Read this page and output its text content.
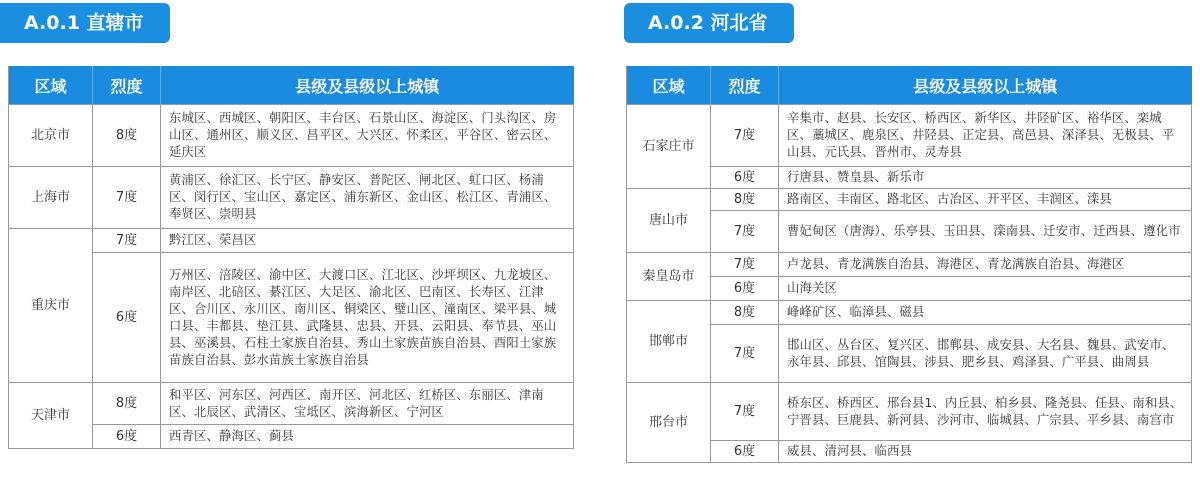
A.0.1 直辖市	A.0.2 河北省
区域	烈度	县级及县级以上城镇
北京市	8度	东城区、西城区、朝阳区、丰台区、石景山区、海淀区、门头沟区、房山区、通州区、顺义区、昌平区、大兴区、怀柔区、平谷区、密云区、延庆区
上海市	7度	黄浦区、徐汇区、长宁区、静安区、普陀区、闸北区、虹口区、杨浦区、闵行区、宝山区、嘉定区、浦东新区、金山区、松江区、青浦区、奉贤区、崇明县
重庆市	7度	黔江区、荣昌区
	6度	万州区、涪陵区、渝中区、大渡口区、江北区、沙坪坝区、九龙坡区、南岸区、北碚区、綦江区、大足区、渝北区、巴南区、长寿区、江津区、合川区、永川区、南川区、铜梁区、璧山区、潼南区、梁平县、城口县、丰都县、垫江县、武隆县、忠县、开县、云阳县、奉节县、巫山县、巫溪县、石柱土家族自治县、秀山土家族苗族自治县、酉阳土家族苗族自治县、彭水苗族土家族自治县
天津市	8度	和平区、河东区、河西区、南开区、河北区、红桥区、东丽区、津南区、北辰区、武清区、宝坻区、滨海新区、宁河区
	6度	西青区、静海区、蓟县
区域	烈度	县级及县级以上城镇
石家庄市	7度	辛集市、赵县、长安区、桥西区、新华区、井陉矿区、裕华区、栾城区、藁城区、鹿泉区、井陉县、正定县、高邑县、深泽县、无极县、平山县、元氏县、晋州市、灵寿县
	6度	行唐县、赞皇县、新乐市
唐山市	8度	路南区、丰南区、路北区、古冶区、开平区、丰润区、滦县
	7度	曹妃甸区（唐海）、乐亭县、玉田县、滦南县、迁安市、迁西县、遵化市
秦皇岛市	7度	卢龙县、青龙满族自治县、海港区、青龙满族自治县、海港区
	6度	山海关区
邯郸市	8度	峰峰矿区、临漳县、磁县
	7度	邯山区、丛台区、复兴区、邯郸县、成安县、大名县、魏县、武安市、永年县、邱县、馆陶县、涉县、肥乡县、鸡泽县、广平县、曲周县
邢台市	7度	桥东区、桥西区、邢台县1、内丘县、柏乡县、隆尧县、任县、南和县、宁晋县、巨鹿县、新河县、沙河市、临城县、广宗县、平乡县、南宫市
	6度	威县、清河县、临西县
